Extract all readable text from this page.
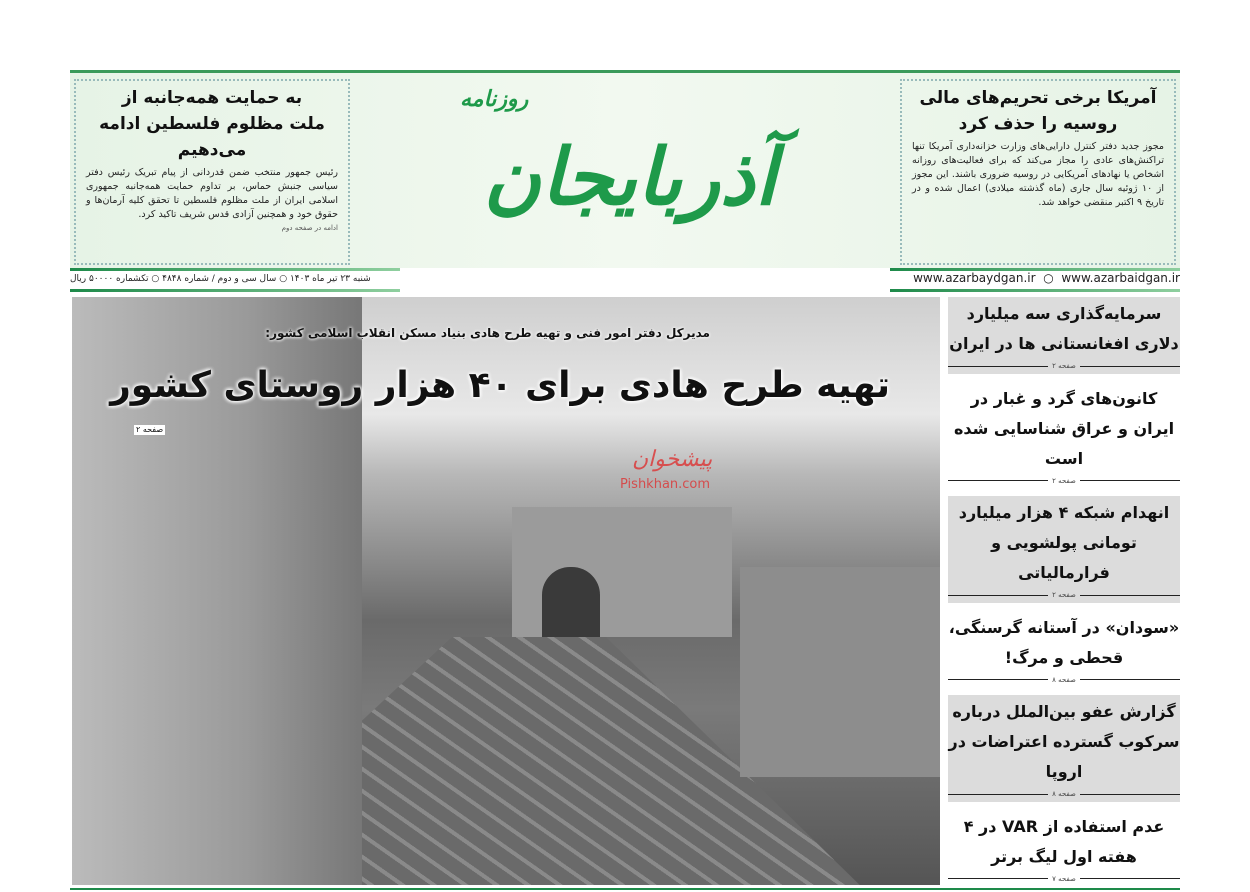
به حمایت همه‌جانبه از
ملت مظلوم فلسطین ادامه می‌دهیم

رئیس جمهور منتخب ضمن قدردانی از پیام تبریک رئیس دفتر سیاسی جنبش حماس، بر تداوم حمایت همه‌جانبه جمهوری اسلامی ایران از ملت مظلوم فلسطین تا تحقق کلیه آرمان‌ها و حقوق خود و همچنین آزادی قدس شریف تاکید کرد.

ادامه در صفحه دوم
روزنامه
آذربایجان
آمریکا برخی تحریم‌های مالی
روسیه را حذف کرد

مجوز جدید دفتر کنترل دارایی‌های وزارت خزانه‌داری آمریکا تنها تراکنش‌های عادی را مجاز می‌کند که برای فعالیت‌های روزانه اشخاص یا نهادهای آمریکایی در روسیه ضروری باشند. این مجوز از ۱۰ ژوئیه سال جاری (ماه گذشته میلادی) اعمال شده و در تاریخ ۹ اکتبر منقضی خواهد شد.

شنبه ۲۳ تیر ماه ۱۴۰۳ ○ سال سی و دوم / شماره ۴۸۴۸ ○ تکشماره ۵۰۰۰۰ ریال	www.azarbaydgan.ir ○ www.azarbaidgan.ir
پیشخوان
Pishkhan.com
مدیرکل دفتر امور فنی و تهیه طرح هادی بنیاد مسکن انقلاب اسلامی کشور:
تهیه طرح هادی برای ۴۰ هزار روستای کشور
صفحه ۲
سرمایه‌گذاری سه میلیارد دلاری افغانستانی ها در ایران
صفحه ۲
کانون‌های گرد و غبار در ایران و عراق شناسایی شده است
صفحه ۲
انهدام شبکه ۴ هزار میلیارد تومانی پولشویی و فرارمالیاتی
صفحه ۲
«سودان» در آستانه گرسنگی، قحطی و مرگ!
صفحه ۸
گزارش عفو بین‌الملل درباره سرکوب گسترده اعتراضات در اروپا
صفحه ۸
عدم استفاده از VAR در ۴ هفته اول لیگ برتر
صفحه ۷
